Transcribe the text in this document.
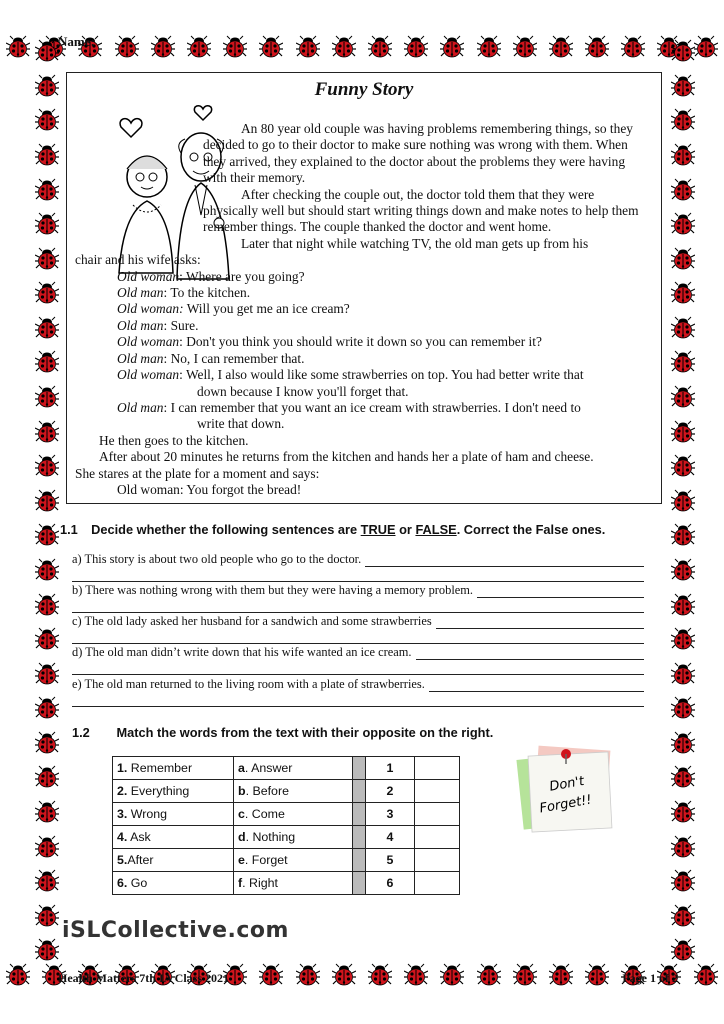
Name:
Funny Story

An 80 year old couple was having problems remembering things, so they decided to go to their doctor to make sure nothing was wrong with them. When they arrived, they explained to the doctor about the problems they were having with their memory.

After checking the couple out, the doctor told them that they were physically well but should start writing things down and make notes to help them remember things. The couple thanked the doctor and went home.

Later that night while watching TV, the old man gets up from his

chair and his wife asks:

Old woman: Where are you going?
Old man: To the kitchen.
Old woman: Will you get me an ice cream?
Old man: Sure.
Old woman: Don't you think you should write it down so you can remember it?
Old man: No, I can remember that.
Old woman: Well, I also would like some strawberries on top. You had better write that
down because I know you'll forget that.
Old man: I can remember that you want an ice cream with strawberries. I don't need to
write that down.
He then goes to the kitchen.
After about 20 minutes he returns from the kitchen and hands her a plate of ham and cheese.
She stares at the plate for a moment and says:
Old woman: You forgot the bread!
1.1 Decide whether the following sentences are TRUE or FALSE. Correct the False ones.
a) This story is about two old people who go to the doctor.
b) There was nothing wrong with them but they were having a memory problem.
c) The old lady asked her husband for a sandwich and some strawberries
d) The old man didn’t write down that his wife wanted an ice cream.
e) The old man returned to the living room with a plate of strawberries.
1.2 Match the words from the text with their opposite on the right.
1. Remember	a. Answer		1	
2. Everything	b. Before		2	
3. Wrong	c. Come		3	
4. Ask	d. Nothing		4	
5.After	e. Forget		5	
6. Go	f. Right		6	
Don't
Forget!!
iSLCollective.com
Health Matters 7th IA Class 2021	Page 1 of 2
